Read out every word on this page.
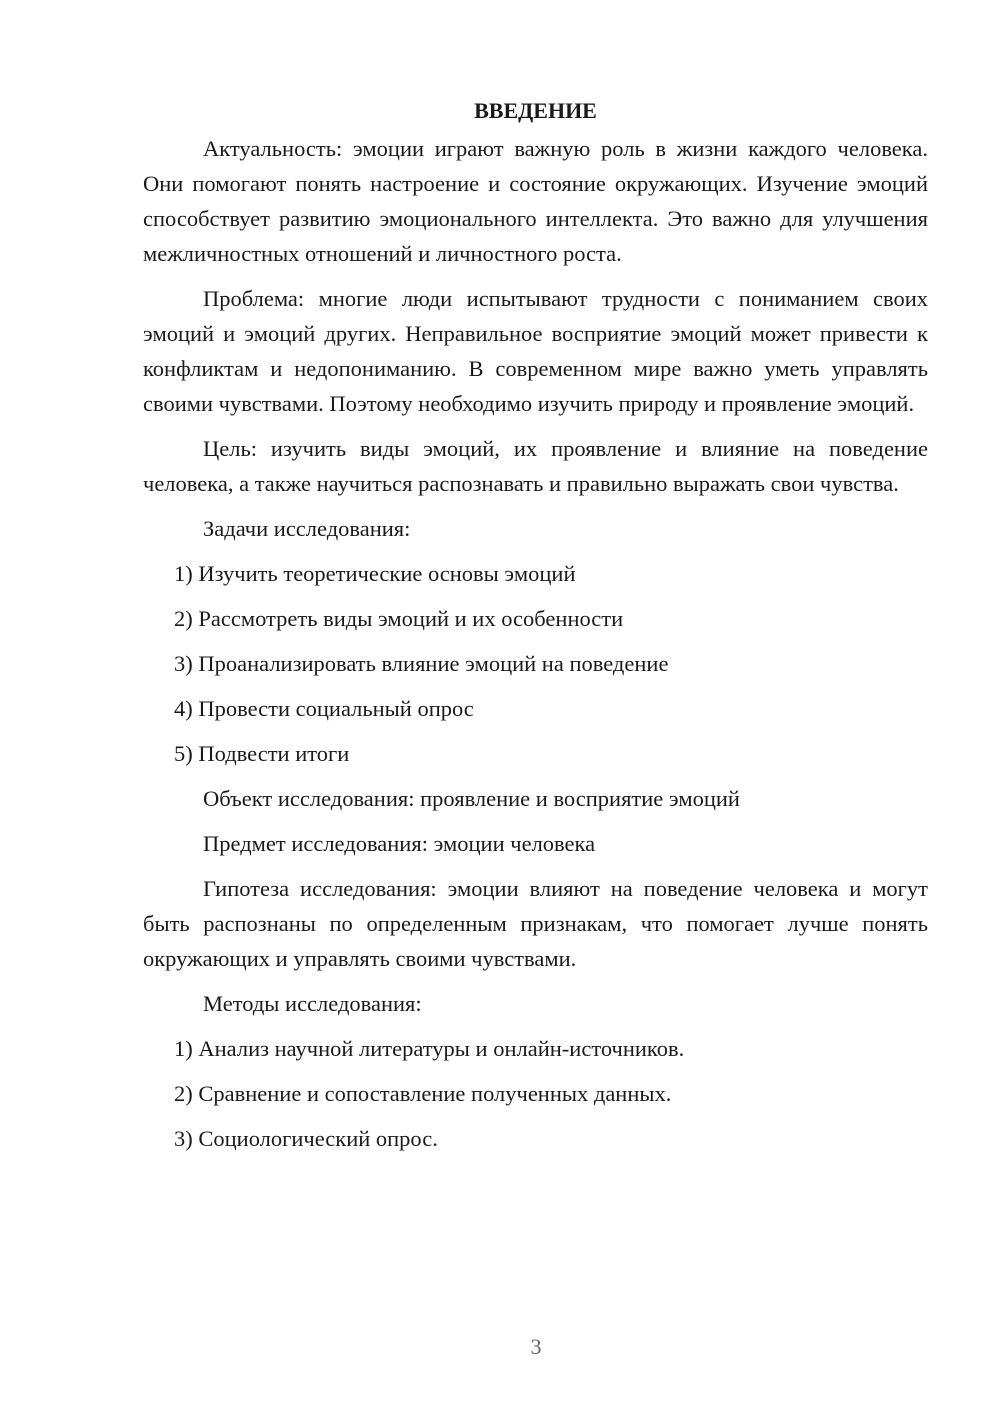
ВВЕДЕНИЕ

Актуальность: эмоции играют важную роль в жизни каждого человека. Они помогают понять настроение и состояние окружающих. Изучение эмоций способствует развитию эмоционального интеллекта. Это важно для улучшения межличностных отношений и личностного роста.

Проблема: многие люди испытывают трудности с пониманием своих эмоций и эмоций других. Неправильное восприятие эмоций может привести к конфликтам и недопониманию. В современном мире важно уметь управлять своими чувствами. Поэтому необходимо изучить природу и проявление эмоций.

Цель: изучить виды эмоций, их проявление и влияние на поведение человека, а также научиться распознавать и правильно выражать свои чувства.

Задачи исследования:
1) Изучить теоретические основы эмоций
2) Рассмотреть виды эмоций и их особенности
3) Проанализировать влияние эмоций на поведение
4) Провести социальный опрос
5) Подвести итоги
Объект исследования: проявление и восприятие эмоций
Предмет исследования: эмоции человека

Гипотеза исследования: эмоции влияют на поведение человека и могут быть распознаны по определенным признакам, что помогает лучше понять окружающих и управлять своими чувствами.

Методы исследования:
1) Анализ научной литературы и онлайн-источников.
2) Сравнение и сопоставление полученных данных.
3) Социологический опрос.
3
